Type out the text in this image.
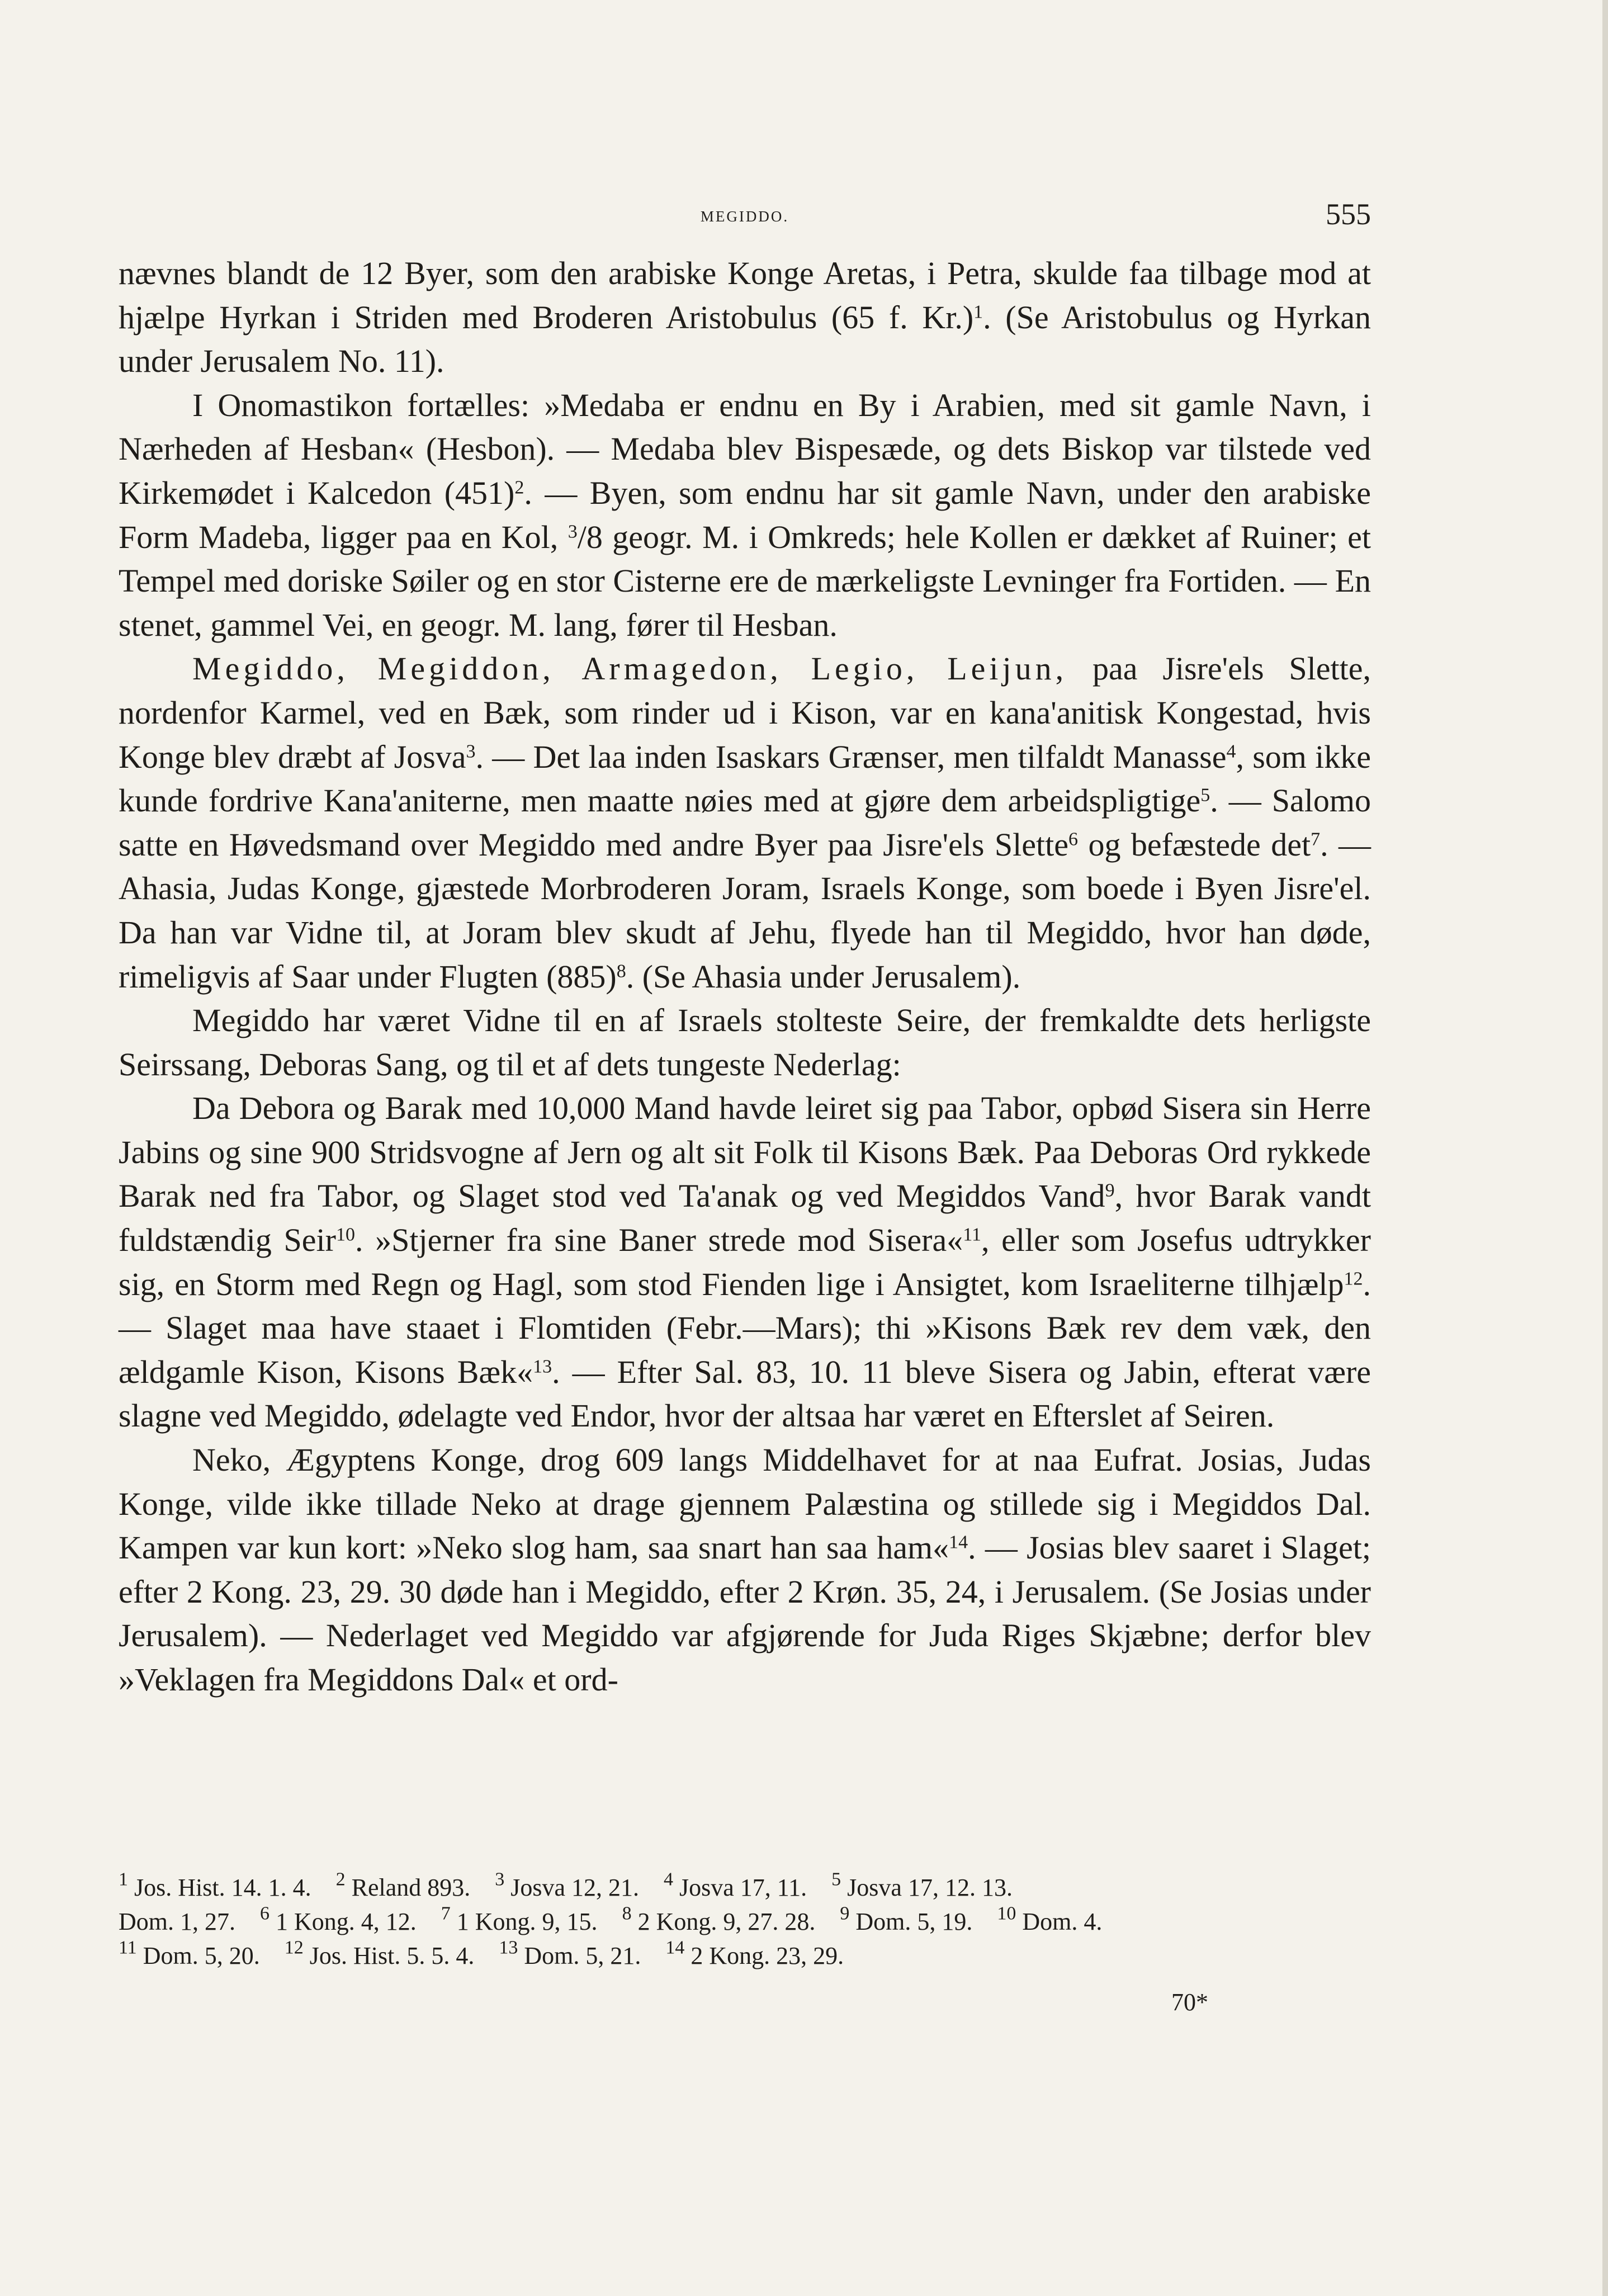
MEGIDDO.	555

nævnes blandt de 12 Byer, som den arabiske Konge Aretas, i Petra, skulde faa tilbage mod at hjælpe Hyrkan i Striden med Broderen Aristobulus (65 f. Kr.)$^1$. (Se Aristobulus og Hyrkan under Jerusalem No. 11).

I Onomastikon fortælles: »Medaba er endnu en By i Arabien, med sit gamle Navn, i Nærheden af Hesban« (Hesbon). — Medaba blev Bispesæde, og dets Biskop var tilstede ved Kirkemødet i Kalcedon $(451)^2$. — Byen, som endnu har sit gamle Navn, under den arabiske Form Madeba, ligger paa en Kol, $^3$/8 geogr. M. i Omkreds; hele Kollen er dækket af Ruiner; et Tempel med doriske Søiler og en stor Cisterne ere de mærkeligste Levninger fra Fortiden. — En stenet, gammel Vei, en geogr. M. lang, fører til Hesban.

Megiddo, Megiddon, Armagedon, Legio, Leijun, paa Jisre'els Slette, nordenfor Karmel, ved en Bæk, som rinder ud i Kison, var en kana'anitisk Kongestad, hvis Konge blev dræbt af Josva$^3$. — Det laa inden Isaskars Grænser, men tilfaldt Manasse$^4$, som ikke kunde fordrive Kana'aniterne, men maatte nøies med at gjøre dem arbeidspligtige$^5$. — Salomo satte en Høvedsmand over Megiddo med andre Byer paa Jisre'els Slette$^6$ og befæstede $\det^7$. — Ahasia, Judas Konge, gjæstede Morbroderen Joram, Israels Konge, som boede i Byen Jisre'el. Da han var Vidne til, at Joram blev skudt af Jehu, flyede han til Megiddo, hvor han døde, rimeligvis af Saar under Flugten $(885)^8$. (Se Ahasia under Jerusalem).

Megiddo har været Vidne til en af Israels stolteste Seire, der fremkaldte dets herligste Seirssang, Deboras Sang, og til et af dets tungeste Nederlag:

Da Debora og Barak med 10,000 Mand havde leiret sig paa Tabor, opbød Sisera sin Herre Jabins og sine 900 Stridsvogne af Jern og alt sit Folk til Kisons Bæk. Paa Deboras Ord rykkede Barak ned fra Tabor, og Slaget stod ved Ta'anak og ved Megiddos Vand$^9$, hvor Barak vandt fuldstændig Seir$^{10}$. »Stjerner fra sine Baner strede mod Sisera«$^{11}$, eller som Josefus udtrykker sig, en Storm med Regn og Hagl, som stod Fienden lige i Ansigtet, kom Israeliterne tilhjælp$^{12}$. — Slaget maa have staaet i Flomtiden (Febr.—Mars); thi »Kisons Bæk rev dem væk, den ældgamle Kison, Kisons Bæk«$^{13}$. — Efter Sal. 83, 10. 11 bleve Sisera og Jabin, efterat være slagne ved Megiddo, ødelagte ved Endor, hvor der altsaa har været en Efterslet af Seiren.

Neko, Ægyptens Konge, drog 609 langs Middelhavet for at naa Eufrat. Josias, Judas Konge, vilde ikke tillade Neko at drage gjennem Palæstina og stillede sig i Megiddos Dal. Kampen var kun kort: »Neko slog ham, saa snart han saa ham«$^{14}$. — Josias blev saaret i Slaget; efter 2 Kong. 23, 29. 30 døde han i Megiddo, efter 2 Krøn. 35, 24, i Jerusalem. (Se Josias under Jerusalem). — Nederlaget ved Megiddo var afgjørende for Juda Riges Skjæbne; derfor blev »Veklagen fra Megiddons Dal« et ord-

$^1$ Jos. Hist. 14. 1. 4. $^2$ Reland 893. $^3$ Josva 12, 21. $^4$ Josva 17, 11. $^5$ Josva 17, 12. 13.

Dom. 1, 27. $^6$ 1 Kong. 4, 12. $^7$ 1 Kong. 9, 15. $^8$ 2 Kong. 9, 27. 28. $^9$ Dom. 5, 19. $^{10}$ Dom. 4.

$^{11}$ Dom. 5, 20. $^{12}$ Jos. Hist. 5. 5. 4. $^{13}$ Dom. 5, 21. $^{14}$ 2 Kong. 23, 29.

70*
